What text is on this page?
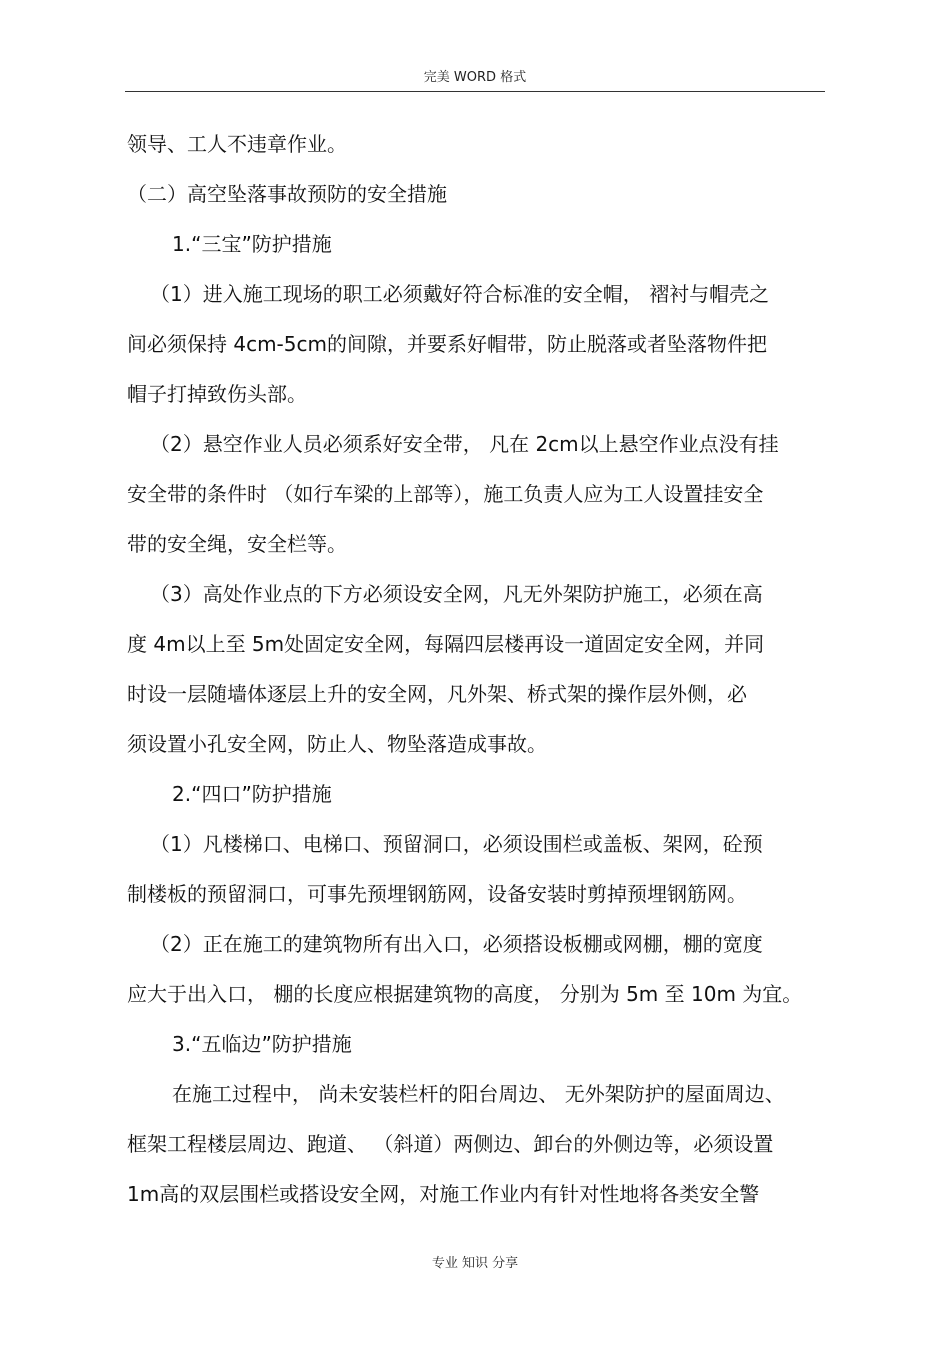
完美 WORD 格式
领导、工人不违章作业。
（二）高空坠落事故预防的安全措施
1.“三宝”防护措施
（1）进入施工现场的职工必须戴好符合标准的安全帽， 褶衬与帽壳之
间必须保持 4cm-5cm的间隙，并要系好帽带，防止脱落或者坠落物件把
帽子打掉致伤头部。
（2）悬空作业人员必须系好安全带， 凡在 2cm以上悬空作业点没有挂
安全带的条件时 （如行车梁的上部等），施工负责人应为工人设置挂安全
带的安全绳，安全栏等。
（3）高处作业点的下方必须设安全网，凡无外架防护施工，必须在高
度 4m以上至 5m处固定安全网，每隔四层楼再设一道固定安全网，并同
时设一层随墙体逐层上升的安全网，凡外架、桥式架的操作层外侧，必
须设置小孔安全网，防止人、物坠落造成事故。
2.“四口”防护措施
（1）凡楼梯口、电梯口、预留洞口，必须设围栏或盖板、架网，砼预
制楼板的预留洞口，可事先预埋钢筋网，设备安装时剪掉预埋钢筋网。
（2）正在施工的建筑物所有出入口，必须搭设板棚或网棚，棚的宽度
应大于出入口， 棚的长度应根据建筑物的高度， 分别为 5m 至 10m 为宜。
3.“五临边”防护措施
在施工过程中， 尚未安装栏杆的阳台周边、 无外架防护的屋面周边、
框架工程楼层周边、跑道、 （斜道）两侧边、卸台的外侧边等，必须设置
1m高的双层围栏或搭设安全网，对施工作业内有针对性地将各类安全警
专业 知识 分享
